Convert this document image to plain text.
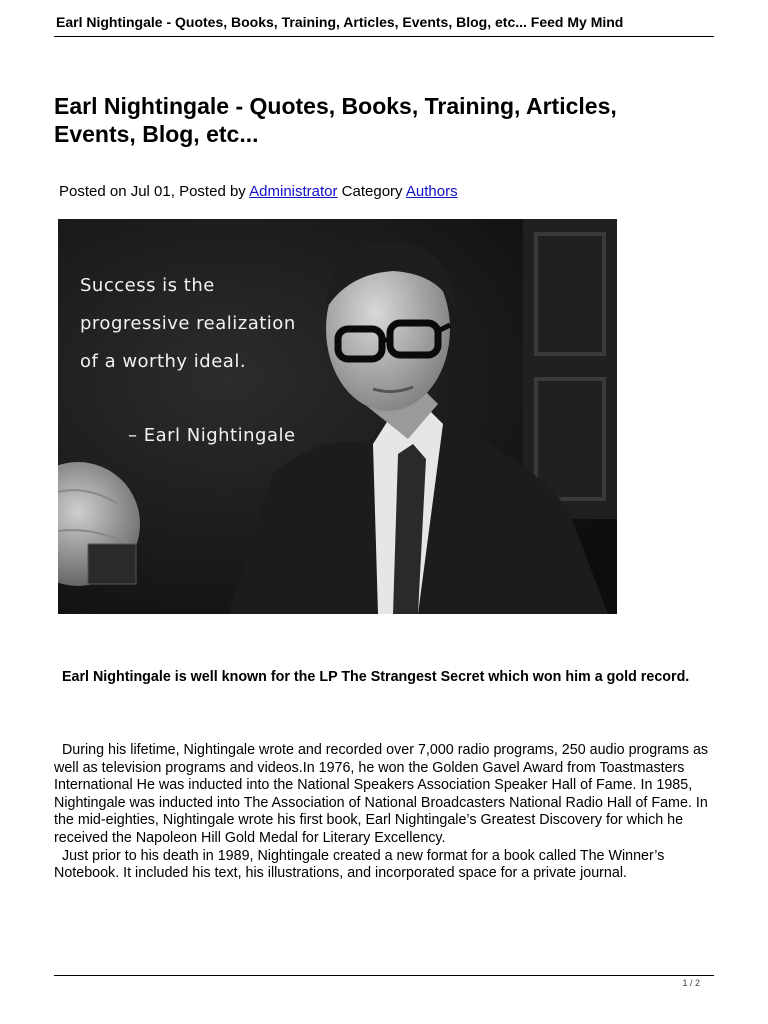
Earl Nightingale - Quotes, Books, Training, Articles, Events, Blog, etc... Feed My Mind
Earl Nightingale - Quotes, Books, Training, Articles, Events, Blog, etc...
Posted on Jul 01, Posted by Administrator Category Authors
Success is the
progressive realization
of a worthy ideal.
– Earl Nightingale

Earl Nightingale is well known for the LP The Strangest Secret which won him a gold record.

During his lifetime, Nightingale wrote and recorded over 7,000 radio programs, 250 audio programs as well as television programs and videos.In 1976, he won the Golden Gavel Award from Toastmasters International He was inducted into the National Speakers Association Speaker Hall of Fame. In 1985, Nightingale was inducted into The Association of National Broadcasters National Radio Hall of Fame. In the mid-eighties, Nightingale wrote his first book, Earl Nightingale’s Greatest Discovery for which he received the Napoleon Hill Gold Medal for Literary Excellency.
Just prior to his death in 1989, Nightingale created a new format for a book called The Winner’s Notebook. It included his text, his illustrations, and incorporated space for a private journal.
1 / 2
